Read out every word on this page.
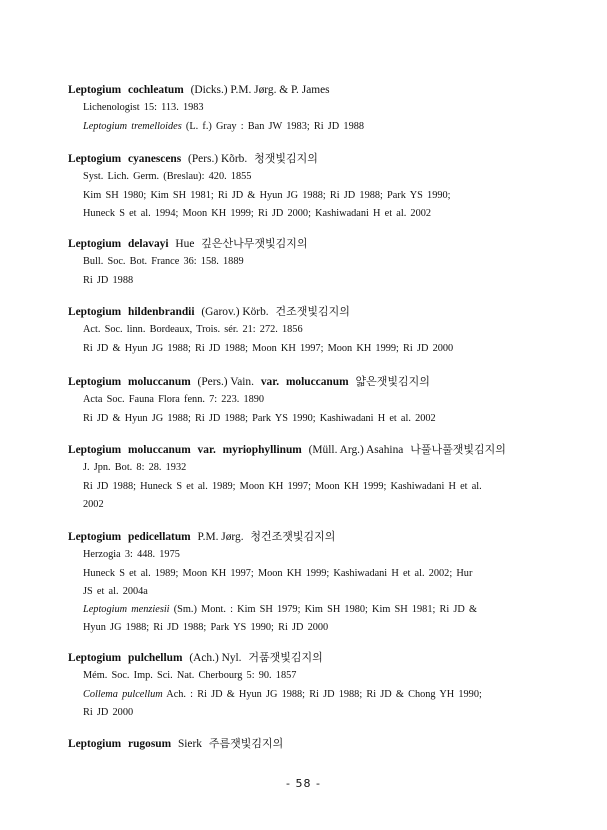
Leptogium cochleatum (Dicks.) P.M. Jørg. & P. James
Lichenologist 15: 113. 1983
Leptogium tremelloides (L. f.) Gray : Ban JW 1983; Ri JD 1988
Leptogium cyanescens (Pers.) Kõrb. 청잿빛김지의
Syst. Lich. Germ. (Breslau): 420. 1855
Kim SH 1980; Kim SH 1981; Ri JD & Hyun JG 1988; Ri JD 1988; Park YS 1990;
Huneck S et al. 1994; Moon KH 1999; Ri JD 2000; Kashiwadani H et al. 2002
Leptogium delavayi Hue 깊은산나무잿빛김지의
Bull. Soc. Bot. France 36: 158. 1889
Ri JD 1988
Leptogium hildenbrandii (Garov.) Körb. 건조잿빛김지의
Act. Soc. linn. Bordeaux, Trois. sér. 21: 272. 1856
Ri JD & Hyun JG 1988; Ri JD 1988; Moon KH 1997; Moon KH 1999; Ri JD 2000
Leptogium moluccanum (Pers.) Vain. var. moluccanum 얇은잿빛김지의
Acta Soc. Fauna Flora fenn. 7: 223. 1890
Ri JD & Hyun JG 1988; Ri JD 1988; Park YS 1990; Kashiwadani H et al. 2002
Leptogium moluccanum var. myriophyllinum (Müll. Arg.) Asahina 나풀나풀잿빛김지의
J. Jpn. Bot. 8: 28. 1932
Ri JD 1988; Huneck S et al. 1989; Moon KH 1997; Moon KH 1999; Kashiwadani H et al.
2002
Leptogium pedicellatum P.M. Jørg. 청건조잿빛김지의
Herzogia 3: 448. 1975
Huneck S et al. 1989; Moon KH 1997; Moon KH 1999; Kashiwadani H et al. 2002; Hur
JS et al. 2004a
Leptogium menziesii (Sm.) Mont. : Kim SH 1979; Kim SH 1980; Kim SH 1981; Ri JD &
Hyun JG 1988; Ri JD 1988; Park YS 1990; Ri JD 2000
Leptogium pulchellum (Ach.) Nyl. 거품잿빛김지의
Mém. Soc. Imp. Sci. Nat. Cherbourg 5: 90. 1857
Collema pulcellum Ach. : Ri JD & Hyun JG 1988; Ri JD 1988; Ri JD & Chong YH 1990;
Ri JD 2000
Leptogium rugosum Sierk 주름잿빛김지의
- 58 -
